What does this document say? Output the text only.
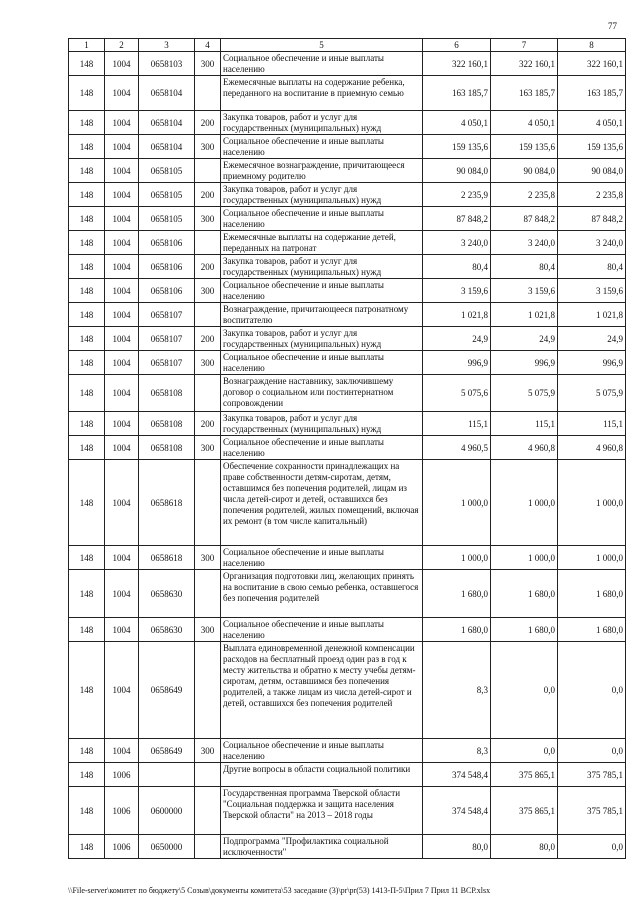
77
1	2	3	4	5	6	7	8
148	1004	0658103	300	Социальное обеспечение и иные выплаты населению	322 160,1	322 160,1	322 160,1
148	1004	0658104		Ежемесячные выплаты на содержание ребенка, переданного на воспитание в приемную семью	163 185,7	163 185,7	163 185,7
148	1004	0658104	200	Закупка товаров, работ и услуг для государственных (муниципальных) нужд	4 050,1	4 050,1	4 050,1
148	1004	0658104	300	Социальное обеспечение и иные выплаты населению	159 135,6	159 135,6	159 135,6
148	1004	0658105		Ежемесячное вознаграждение, причитающееся приемному родителю	90 084,0	90 084,0	90 084,0
148	1004	0658105	200	Закупка товаров, работ и услуг для государственных (муниципальных) нужд	2 235,9	2 235,8	2 235,8
148	1004	0658105	300	Социальное обеспечение и иные выплаты населению	87 848,2	87 848,2	87 848,2
148	1004	0658106		Ежемесячные выплаты на содержание детей, переданных на патронат	3 240,0	3 240,0	3 240,0
148	1004	0658106	200	Закупка товаров, работ и услуг для государственных (муниципальных) нужд	80,4	80,4	80,4
148	1004	0658106	300	Социальное обеспечение и иные выплаты населению	3 159,6	3 159,6	3 159,6
148	1004	0658107		Вознаграждение, причитающееся патронатному воспитателю	1 021,8	1 021,8	1 021,8
148	1004	0658107	200	Закупка товаров, работ и услуг для государственных (муниципальных) нужд	24,9	24,9	24,9
148	1004	0658107	300	Социальное обеспечение и иные выплаты населению	996,9	996,9	996,9
148	1004	0658108		Вознаграждение наставнику, заключившему договор о социальном или постинтернатном сопровождении	5 075,6	5 075,9	5 075,9
148	1004	0658108	200	Закупка товаров, работ и услуг для государственных (муниципальных) нужд	115,1	115,1	115,1
148	1004	0658108	300	Социальное обеспечение и иные выплаты населению	4 960,5	4 960,8	4 960,8
148	1004	0658618		Обеспечение сохранности принадлежащих на праве собственности детям-сиротам, детям, оставшимся без попечения родителей, лицам из числа детей-сирот и детей, оставшихся без попечения родителей, жилых помещений, включая их ремонт (в том числе капитальный)	1 000,0	1 000,0	1 000,0
148	1004	0658618	300	Социальное обеспечение и иные выплаты населению	1 000,0	1 000,0	1 000,0
148	1004	0658630		Организация подготовки лиц, желающих принять на воспитание в свою семью ребенка, оставшегося без попечения родителей	1 680,0	1 680,0	1 680,0
148	1004	0658630	300	Социальное обеспечение и иные выплаты населению	1 680,0	1 680,0	1 680,0
148	1004	0658649		Выплата единовременной денежной компенсации расходов на бесплатный проезд один раз в год к месту жительства и обратно к месту учебы детям-сиротам, детям, оставшимся без попечения родителей, а также лицам из числа детей-сирот и детей, оставшихся без попечения родителей	8,3	0,0	0,0
148	1004	0658649	300	Социальное обеспечение и иные выплаты населению	8,3	0,0	0,0
148	1006			Другие вопросы в области социальной политики	374 548,4	375 865,1	375 785,1
148	1006	0600000		Государственная программа Тверской области "Социальная поддержка и защита населения Тверской области" на 2013 – 2018 годы	374 548,4	375 865,1	375 785,1
148	1006	0650000		Подпрограмма "Профилактика социальной исключенности"	80,0	80,0	0,0
\\File-server\комитет по бюджету\5 Созыв\документы комитета\53 заседание (3)\pr\pr(53) 1413-П-5\Прил 7 Прил 11 ВСР.xlsx
